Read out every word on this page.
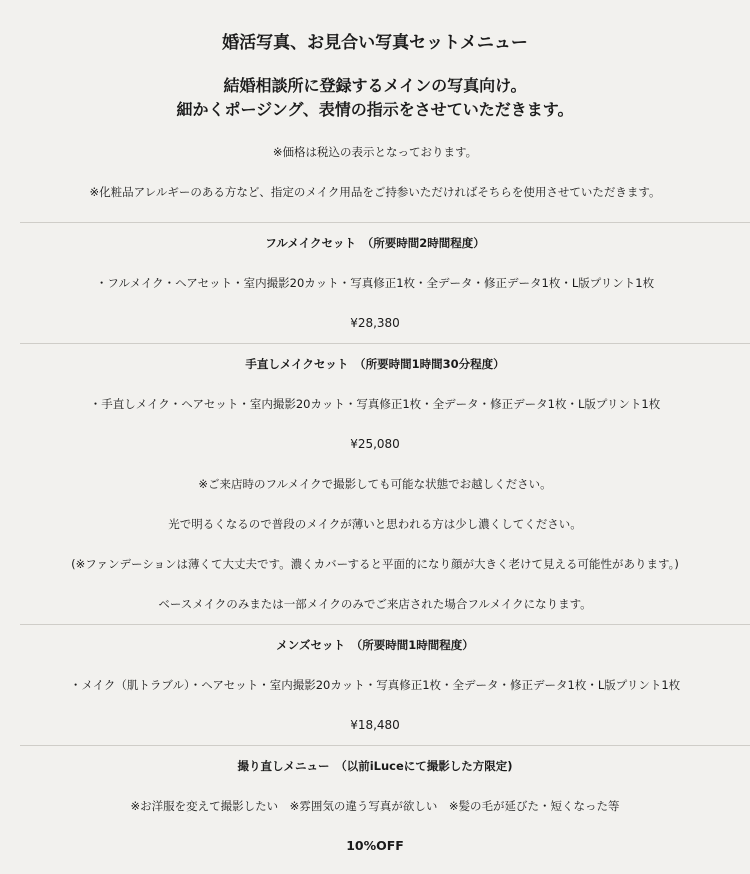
婚活写真、お見合い写真セットメニュー
結婚相談所に登録するメインの写真向け。
細かくポージング、表情の指示をさせていただきます。
※価格は税込の表示となっております。
※化粧品アレルギーのある方など、指定のメイク用品をご持参いただければそちらを使用させていただきます。
フルメイクセット　（所要時間2時間程度）
・フルメイク・ヘアセット・室内撮影20カット・写真修正1枚・全データ・修正データ1枚・L版プリント1枚
¥28,380
手直しメイクセット　（所要時間1時間30分程度）
・手直しメイク・ヘアセット・室内撮影20カット・写真修正1枚・全データ・修正データ1枚・L版プリント1枚
¥25,080
※ご来店時のフルメイクで撮影しても可能な状態でお越しください。
光で明るくなるので普段のメイクが薄いと思われる方は少し濃くしてください。
(※ファンデーションは薄くて大丈夫です。濃くカバーすると平面的になり顔が大きく老けて見える可能性があります。)
ベースメイクのみまたは一部メイクのみでご来店された場合フルメイクになります。
メンズセット　（所要時間1時間程度）
・メイク（肌トラブル）・ヘアセット・室内撮影20カット・写真修正1枚・全データ・修正データ1枚・L版プリント1枚
¥18,480
撮り直しメニュー　（以前iLuceにて撮影した方限定)
※お洋服を変えて撮影したい　※雰囲気の違う写真が欲しい　※髪の毛が延びた・短くなった等
10%OFF
